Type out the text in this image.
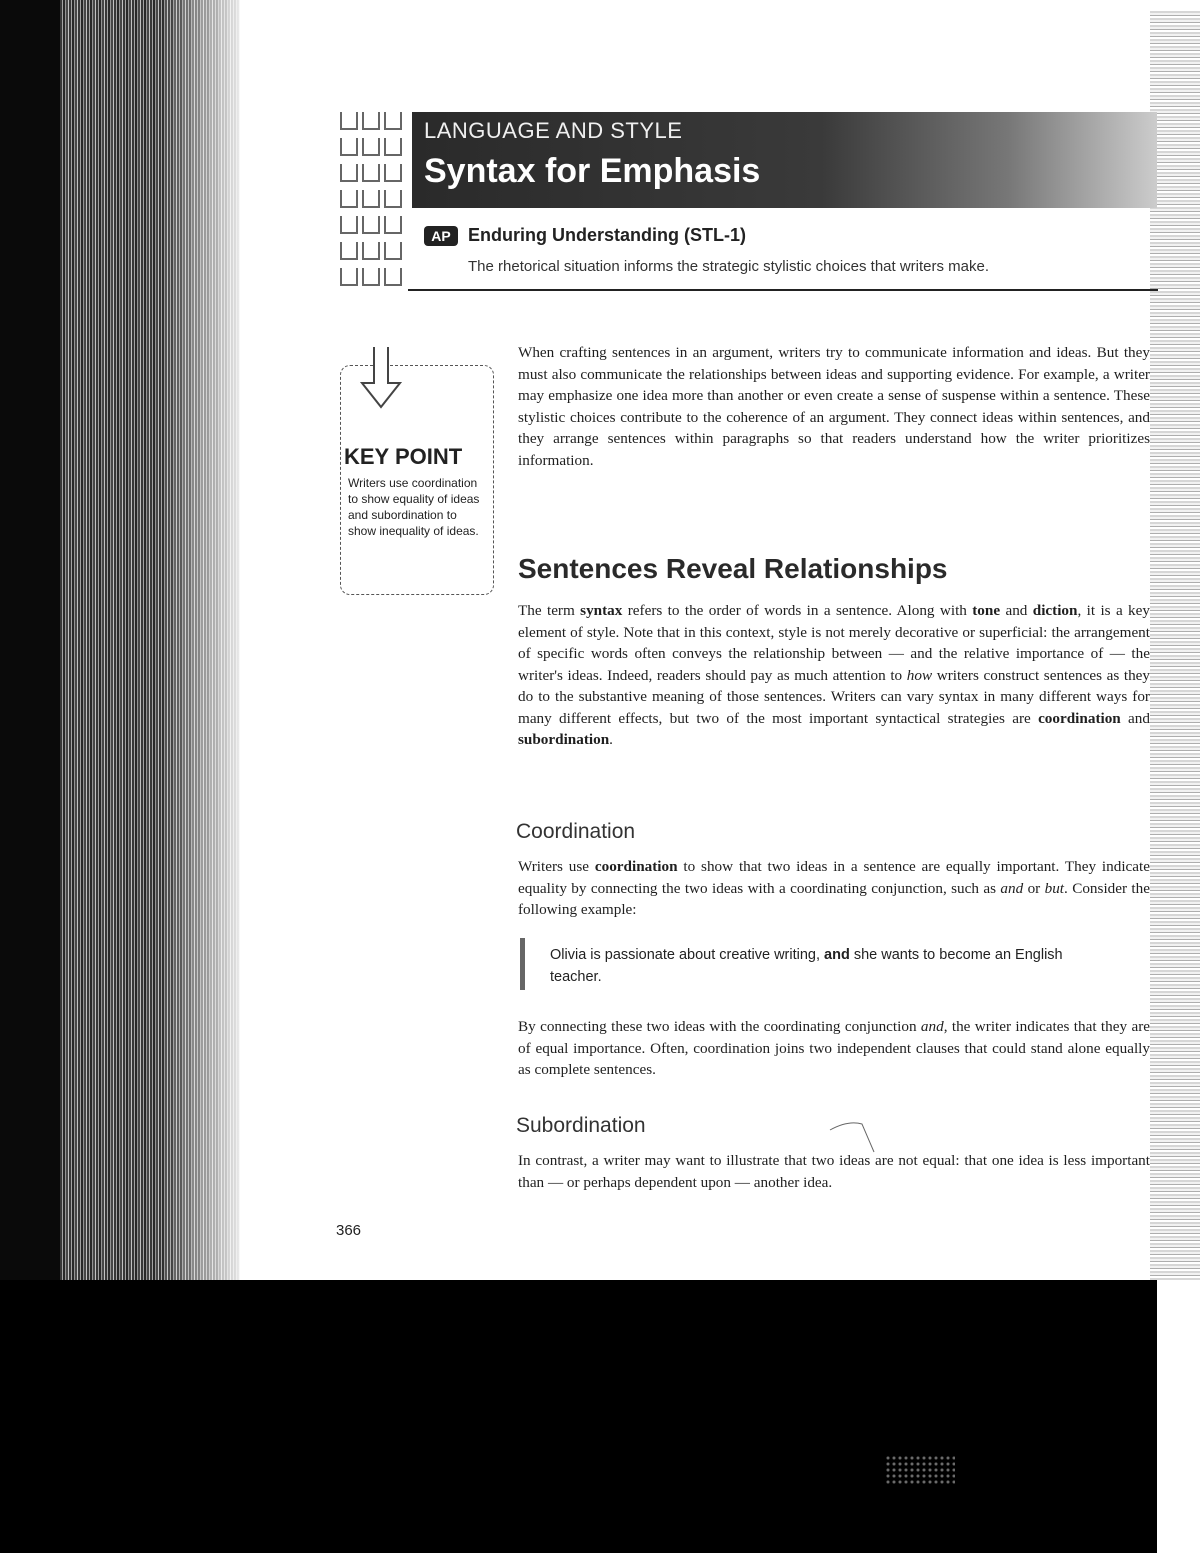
LANGUAGE AND STYLE
Syntax for Emphasis
AP Enduring Understanding (STL-1)
The rhetorical situation informs the strategic stylistic choices that writers make.
KEY POINT
Writers use coordination to show equality of ideas and subordination to show inequality of ideas.
When crafting sentences in an argument, writers try to communicate information and ideas. But they must also communicate the relationships between ideas and supporting evidence. For example, a writer may emphasize one idea more than another or even create a sense of suspense within a sentence. These stylistic choices contribute to the coherence of an argument. They connect ideas within sentences, and they arrange sentences within paragraphs so that readers understand how the writer prioritizes information.
Sentences Reveal Relationships
The term syntax refers to the order of words in a sentence. Along with tone and diction, it is a key element of style. Note that in this context, style is not merely decorative or superficial: the arrangement of specific words often conveys the relationship between — and the relative importance of — the writer's ideas. Indeed, readers should pay as much attention to how writers construct sentences as they do to the substantive meaning of those sentences. Writers can vary syntax in many different ways for many different effects, but two of the most important syntactical strategies are coordination and subordination.
Coordination
Writers use coordination to show that two ideas in a sentence are equally important. They indicate equality by connecting the two ideas with a coordinating conjunction, such as and or but. Consider the following example:
Olivia is passionate about creative writing, and she wants to become an English teacher.
By connecting these two ideas with the coordinating conjunction and, the writer indicates that they are of equal importance. Often, coordination joins two independent clauses that could stand alone equally as complete sentences.
Subordination
In contrast, a writer may want to illustrate that two ideas are not equal: that one idea is less important than — or perhaps dependent upon — another idea.
366
